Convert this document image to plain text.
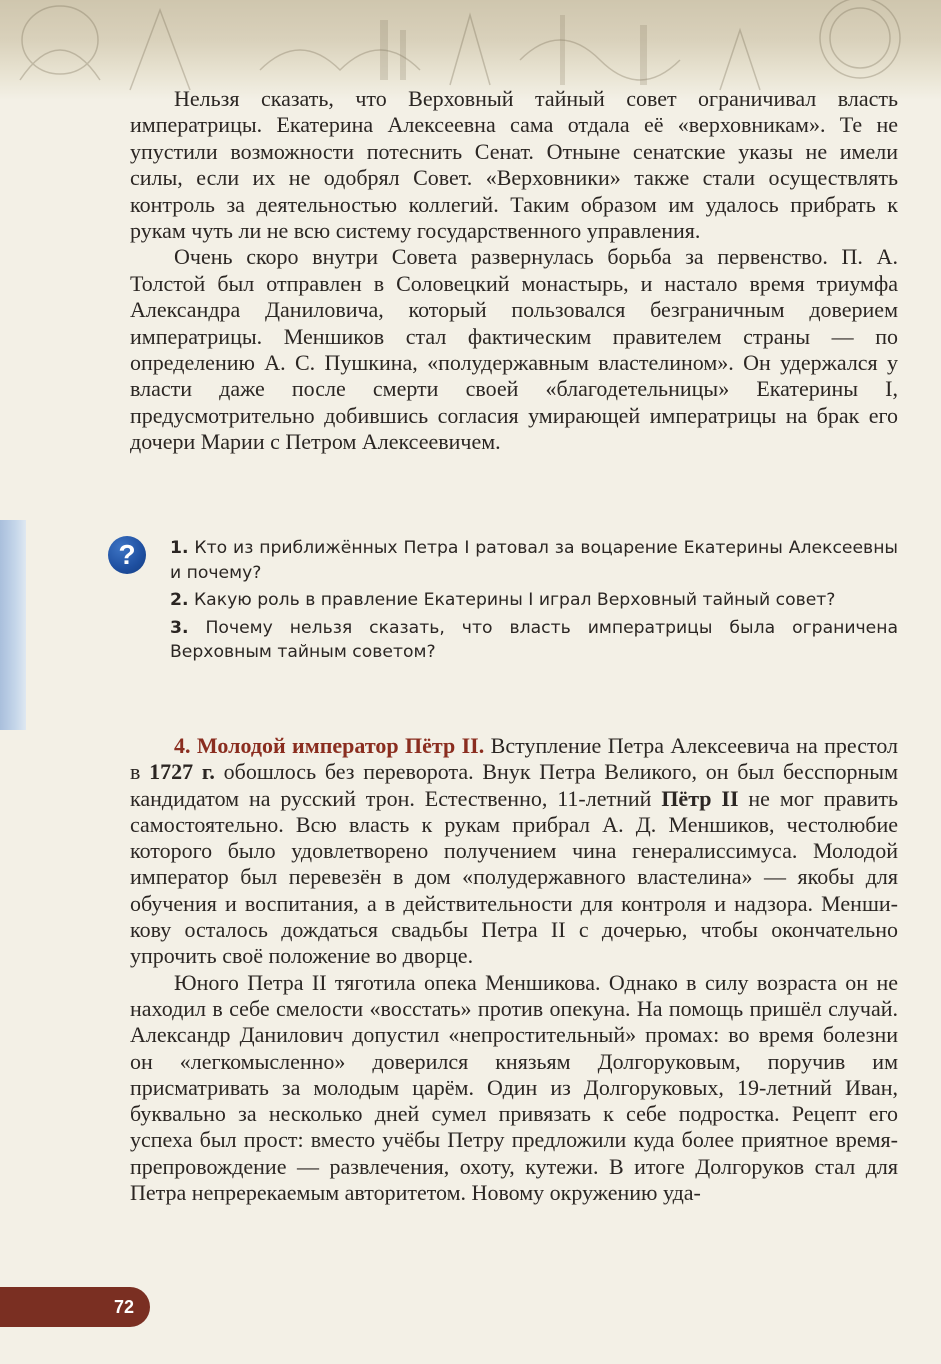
Нельзя сказать, что Верховный тайный совет ограничивал власть императрицы. Екатерина Алексеевна сама отдала её «верховникам». Те не упустили возможности потеснить Сенат. Отныне сенатские указы не имели силы, если их не одобрял Совет. «Верховники» также стали осуществлять контроль за деятельностью коллегий. Таким образом им удалось прибрать к рукам чуть ли не всю систему государственного управления.

Очень скоро внутри Совета развернулась борьба за первенство. П. А. Толстой был отправлен в Соловецкий монастырь, и настало время триумфа Александра Даниловича, который пользовался безграничным доверием императрицы. Меншиков стал фактическим правителем страны — по определению А. С. Пушкина, «полудержавным властелином». Он удержался у власти даже после смерти своей «благодетельницы» Екатерины I, предусмотрительно добившись согласия умирающей императрицы на брак его дочери Марии с Петром Алексеевичем.

?	1. Кто из приближённых Петра I ратовал за воцарение Екатерины Алексеевны и почему?

2. Какую роль в правление Екатерины I играл Верховный тайный совет?

3. Почему нельзя сказать, что власть императрицы была ограничена Верховным тайным советом?

4. Молодой император Пётр II. Вступление Петра Алексеевича на престол в 1727 г. обошлось без переворота. Внук Петра Великого, он был бесспорным кандидатом на русский трон. Естественно, 11-летний Пётр II не мог править самостоятельно. Всю власть к рукам прибрал А. Д. Меншиков, честолюбие которого было удовлетворено получением чина генералиссимуса. Молодой император был перевезён в дом «полудержавного властелина» — якобы для обучения и воспитания, а в действительности для контроля и надзора. Меншикову осталось дождаться свадьбы Петра II с дочерью, чтобы окончательно упрочить своё положение во дворце.

Юного Петра II тяготила опека Меншикова. Однако в силу возраста он не находил в себе смелости «восстать» против опекуна. На помощь пришёл случай. Александр Данилович допустил «непростительный» промах: во время болезни он «легкомысленно» доверился князьям Долгоруковым, поручив им присматривать за молодым царём. Один из Долгоруковых, 19-летний Иван, буквально за несколько дней сумел привязать к себе подростка. Рецепт его успеха был прост: вместо учёбы Петру предложили куда более приятное времяпрепровождение — развлечения, охоту, кутежи. В итоге Долгоруков стал для Петра непререкаемым авторитетом. Новому окружению уда-

72
